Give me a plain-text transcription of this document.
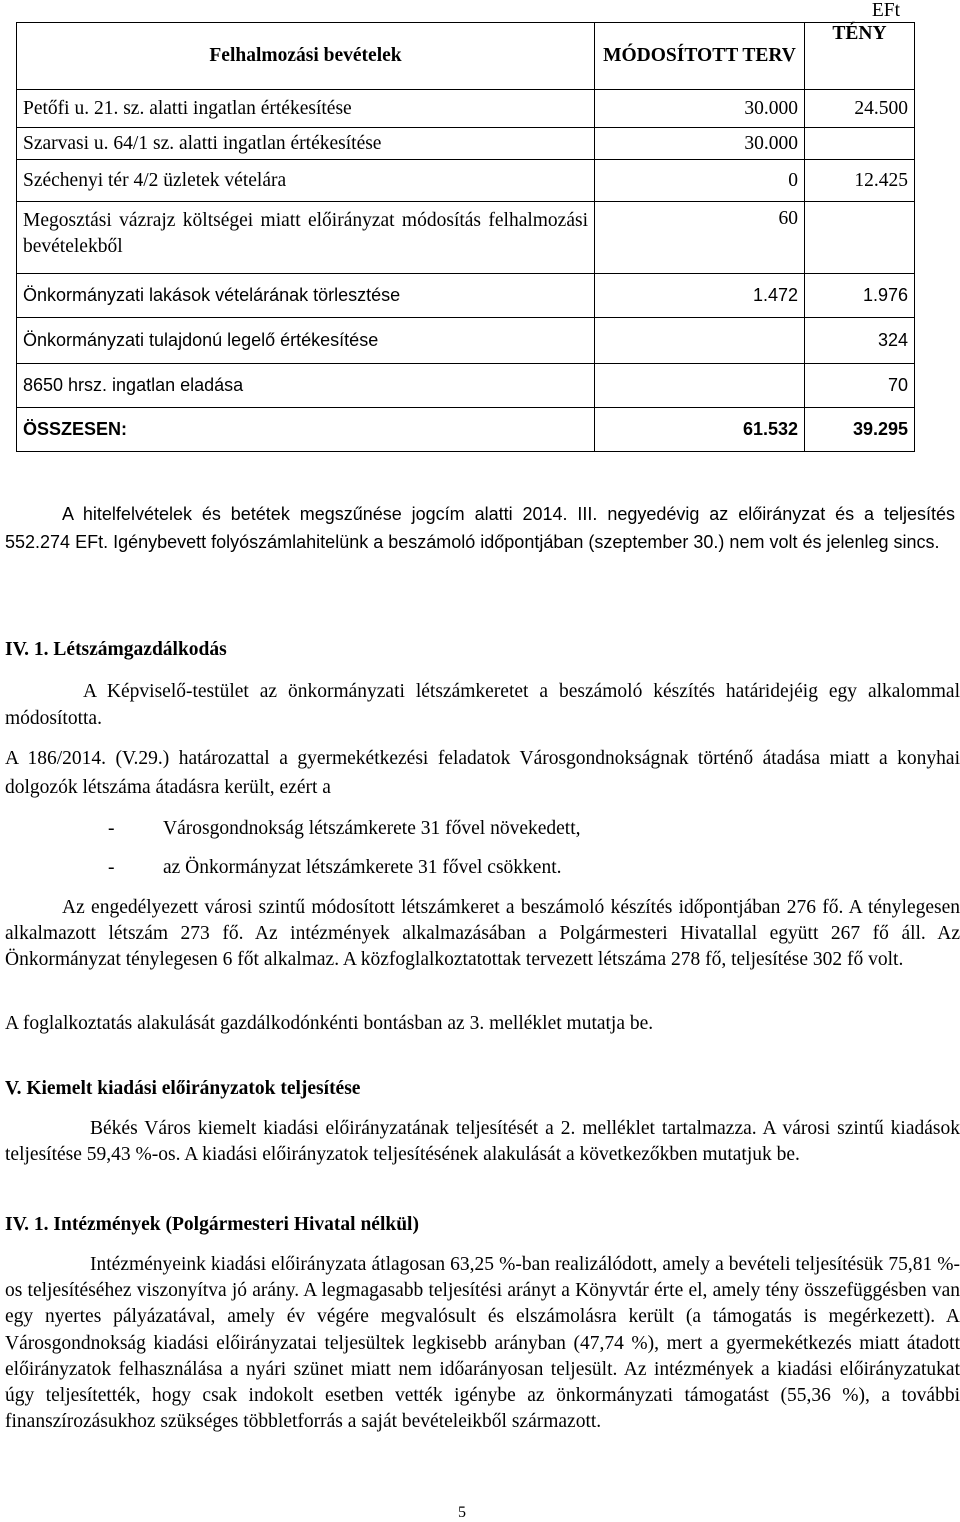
EFt
Felhalmozási bevételek	MÓDOSÍTOTT TERV	TÉNY
Petőfi u. 21. sz. alatti ingatlan értékesítése	30.000	24.500
Szarvasi u. 64/1 sz. alatti ingatlan értékesítése	30.000	
Széchenyi tér 4/2 üzletek vételára	0	12.425
Megosztási vázrajz költségei miatt előirányzat módosítás felhalmozási bevételekből	60	
Önkormányzati lakások vételárának törlesztése	1.472	1.976
Önkormányzati tulajdonú legelő értékesítése		324
8650 hrsz. ingatlan eladása		70
ÖSSZESEN:	61.532	39.295

A hitelfelvételek és betétek megszűnése jogcím alatti 2014. III. negyedévig az előirányzat és a teljesítés 552.274 EFt. Igénybevett folyószámlahitelünk a beszámoló időpontjában (szeptember 30.) nem volt és jelenleg sincs.

IV. 1. Létszámgazdálkodás

A Képviselő-testület az önkormányzati létszámkeretet a beszámoló készítés határidejéig egy alkalommal módosította.

A 186/2014. (V.29.) határozattal a gyermekétkezési feladatok Városgondnokságnak történő átadása miatt a konyhai dolgozók létszáma átadásra került, ezért a

- Városgondnokság létszámkerete 31 fővel növekedett,
- az Önkormányzat létszámkerete 31 fővel csökkent.

Az engedélyezett városi szintű módosított létszámkeret a beszámoló készítés időpontjában 276 fő. A ténylegesen alkalmazott létszám 273 fő. Az intézmények alkalmazásában a Polgármesteri Hivatallal együtt 267 fő áll. Az Önkormányzat ténylegesen 6 főt alkalmaz. A közfoglalkoztatottak tervezett létszáma 278 fő, teljesítése 302 fő volt.

A foglalkoztatás alakulását gazdálkodónkénti bontásban az 3. melléklet mutatja be.

V. Kiemelt kiadási előirányzatok teljesítése

Békés Város kiemelt kiadási előirányzatának teljesítését a 2. melléklet tartalmazza. A városi szintű kiadások teljesítése 59,43 %-os. A kiadási előirányzatok teljesítésének alakulását a következőkben mutatjuk be.

IV. 1. Intézmények (Polgármesteri Hivatal nélkül)

Intézményeink kiadási előirányzata átlagosan 63,25 %-ban realizálódott, amely a bevételi teljesítésük 75,81 %-os teljesítéséhez viszonyítva jó arány. A legmagasabb teljesítési arányt a Könyvtár érte el, amely tény összefüggésben van egy nyertes pályázatával, amely év végére megvalósult és elszámolásra került (a támogatás is megérkezett). A Városgondnokság kiadási előirányzatai teljesültek legkisebb arányban (47,74 %), mert a gyermekétkezés miatt átadott előirányzatok felhasználása a nyári szünet miatt nem időarányosan teljesült. Az intézmények a kiadási előirányzatukat úgy teljesítették, hogy csak indokolt esetben vették igénybe az önkormányzati támogatást (55,36 %), a további finanszírozásukhoz szükséges többletforrás a saját bevételeikből származott.

5
